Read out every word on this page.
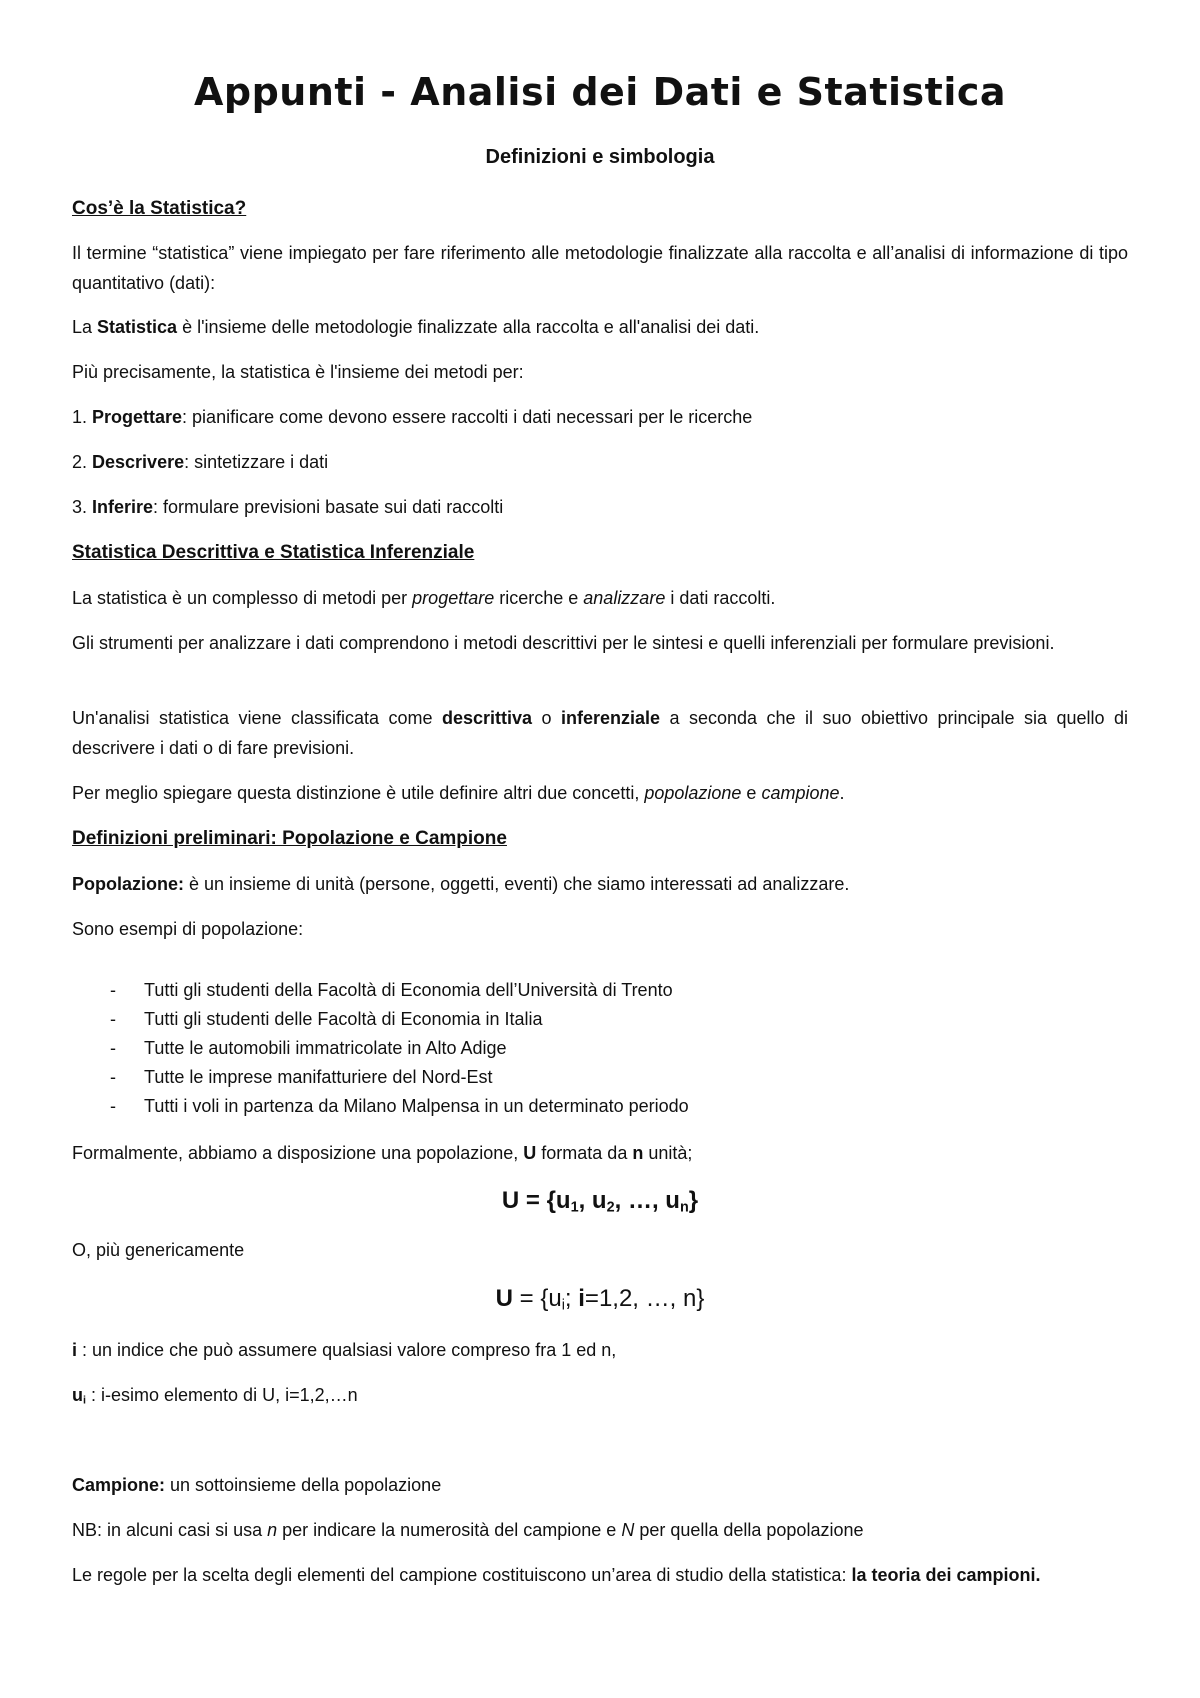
Appunti - Analisi dei Dati e Statistica
Definizioni e simbologia

Cos’è la Statistica?

Il termine “statistica” viene impiegato per fare riferimento alle metodologie finalizzate alla raccolta e all’analisi di informazione di tipo quantitativo (dati):

La Statistica è l'insieme delle metodologie finalizzate alla raccolta e all'analisi dei dati.

Più precisamente, la statistica è l'insieme dei metodi per:

1. Progettare: pianificare come devono essere raccolti i dati necessari per le ricerche

2. Descrivere: sintetizzare i dati

3. Inferire: formulare previsioni basate sui dati raccolti

Statistica Descrittiva e Statistica Inferenziale

La statistica è un complesso di metodi per progettare ricerche e analizzare i dati raccolti.

Gli strumenti per analizzare i dati comprendono i metodi descrittivi per le sintesi e quelli inferenziali per formulare previsioni.

Un'analisi statistica viene classificata come descrittiva o inferenziale a seconda che il suo obiettivo principale sia quello di descrivere i dati o di fare previsioni.

Per meglio spiegare questa distinzione è utile definire altri due concetti, popolazione e campione.

Definizioni preliminari: Popolazione e Campione

Popolazione: è un insieme di unità (persone, oggetti, eventi) che siamo interessati ad analizzare.

Sono esempi di popolazione:

- Tutti gli studenti della Facoltà di Economia dell’Università di Trento
- Tutti gli studenti delle Facoltà di Economia in Italia
- Tutte le automobili immatricolate in Alto Adige
- Tutte le imprese manifatturiere del Nord-Est
- Tutti i voli in partenza da Milano Malpensa in un determinato periodo

Formalmente, abbiamo a disposizione una popolazione, U formata da n unità;

$U = \{u_1$, $u_2$, …, $u_n$}

O, più genericamente

$U = \{u_i$; i=1,2, …, n}

i : un indice che può assumere qualsiasi valore compreso fra 1 ed n,

$u_i$ : i-esimo elemento di U, i=1,2,…n

Campione: un sottoinsieme della popolazione

NB: in alcuni casi si usa n per indicare la numerosità del campione e N per quella della popolazione

Le regole per la scelta degli elementi del campione costituiscono un’area di studio della statistica: la teoria dei campioni.
